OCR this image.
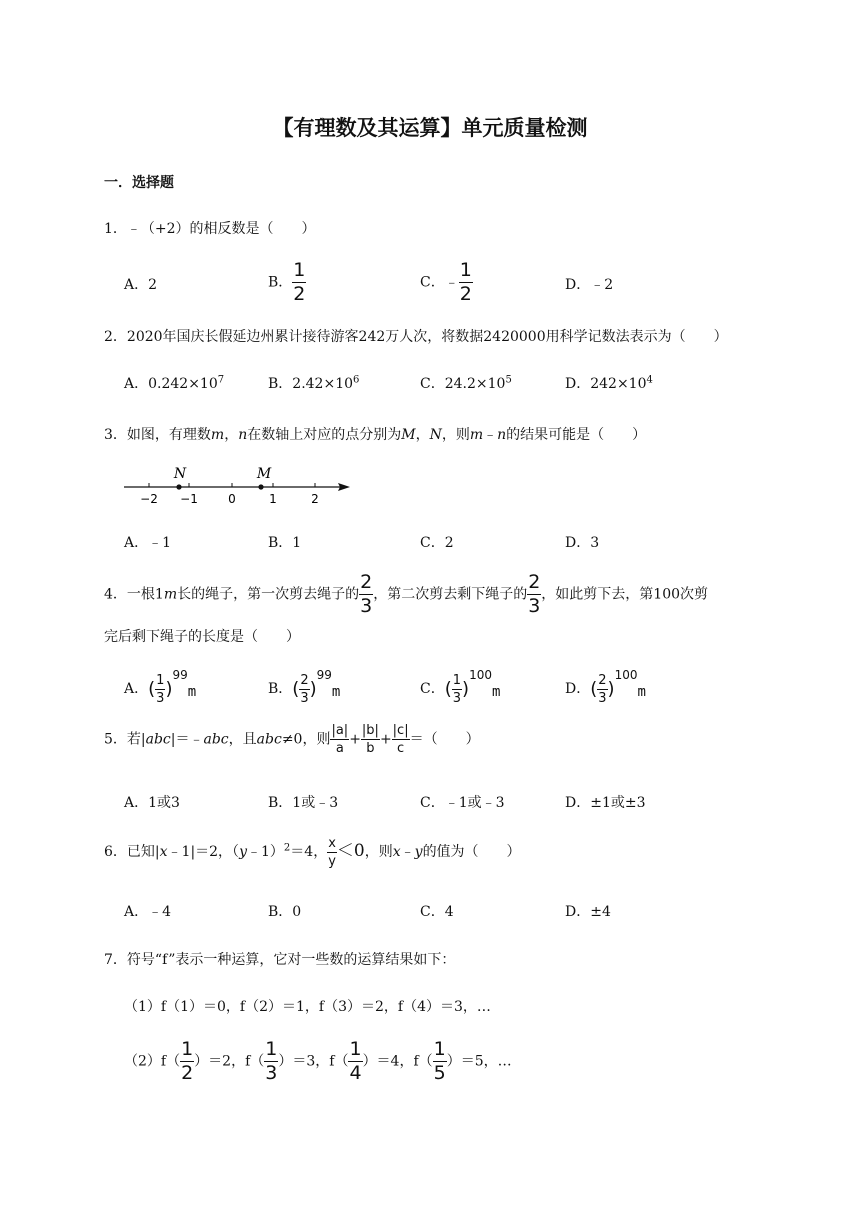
【有理数及其运算】单元质量检测
一．选择题
1．﹣（+2）的相反数是（　　）
A．2	B． $\frac{1}{2}$	C．﹣ $\frac{1}{2}$	D．﹣2
2．2020年国庆长假延边州累计接待游客242万人次，将数据2420000用科学记数法表示为（　　）
A．$0.242\times 10^7$	B．$2.42\times 10^6$	C．$24.2\times 10^5$	D．$242\times 10^4$
3．如图，有理数m，n在数轴上对应的点分别为M，N，则m﹣n的结果可能是（　　）
−2 −1	0	1	2
N	M
A．﹣1	B．1	C．2	D．3
4．一根1m长的绳子，第一次剪去绳子的 $\frac{2}{3}$ ，第二次剪去剩下绳子的 $\frac{2}{3}$ ，如此剪下去，第100次剪
完后剩下绳子的长度是（　　）
A．( $\frac{1}{3} )99m$	B．( $\frac{2}{3} )99m$	C．( $\frac{1}{3} )100m$	D．( $\frac{2}{3} )100m$
5．若|abc|＝﹣abc，且abc≠0，则 $\frac{|a|}{a} + \frac{|b|}{b} + \frac{|c|}{c}$ ＝（　　）
A．1或3	B．1或﹣3	C．﹣1或﹣3	D．±1或±3
6．已知|x﹣1|＝2，（y﹣1）$^2$＝4， $\frac{x}{y} <0$，则x﹣y的值为（　　）
A．﹣4	B．0	C．4	D．±4
7．符号“f”表示一种运算，它对一些数的运算结果如下：
（1）f（1）＝0，f（2）＝1，f（3）＝2，f（4）＝3，…
$(2)f( \frac{1}{2} )=2$，$f( \frac{1}{3} )=3$，$f( \frac{1}{4} )=4$，$f( \frac{1}{5} )=5$，…
